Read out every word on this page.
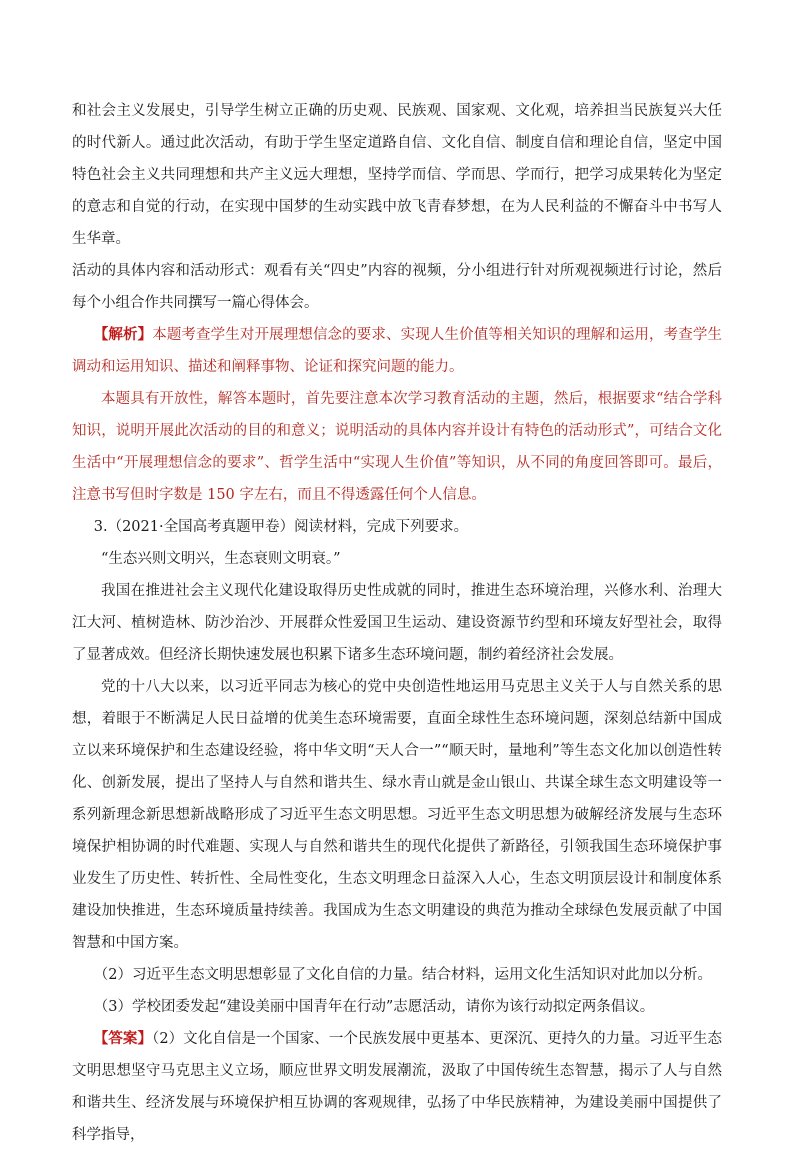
和社会主义发展史，引导学生树立正确的历史观、民族观、国家观、文化观，培养担当民族复兴大任的时代新人。通过此次活动，有助于学生坚定道路自信、文化自信、制度自信和理论自信，坚定中国特色社会主义共同理想和共产主义远大理想，坚持学而信、学而思、学而行，把学习成果转化为坚定的意志和自觉的行动，在实现中国梦的生动实践中放飞青春梦想，在为人民利益的不懈奋斗中书写人生华章。

活动的具体内容和活动形式：观看有关“四史”内容的视频，分小组进行针对所观视频进行讨论，然后每个小组合作共同撰写一篇心得体会。

【解析】本题考查学生对开展理想信念的要求、实现人生价值等相关知识的理解和运用，考查学生调动和运用知识、描述和阐释事物、论证和探究问题的能力。

本题具有开放性，解答本题时，首先要注意本次学习教育活动的主题，然后，根据要求“结合学科知识，说明开展此次活动的目的和意义；说明活动的具体内容并设计有特色的活动形式”，可结合文化生活中“开展理想信念的要求”、哲学生活中“实现人生价值”等知识，从不同的角度回答即可。最后，注意书写但时字数是 150 字左右，而且不得透露任何个人信息。

3.（2021·全国高考真题甲卷）阅读材料，完成下列要求。

“生态兴则文明兴，生态衰则文明衰。”

我国在推进社会主义现代化建设取得历史性成就的同时，推进生态环境治理，兴修水利、治理大江大河、植树造林、防沙治沙、开展群众性爱国卫生运动、建设资源节约型和环境友好型社会，取得了显著成效。但经济长期快速发展也积累下诸多生态环境问题，制约着经济社会发展。

党的十八大以来，以习近平同志为核心的党中央创造性地运用马克思主义关于人与自然关系的思想，着眼于不断满足人民日益增的优美生态环境需要，直面全球性生态环境问题，深刻总结新中国成立以来环境保护和生态建设经验，将中华文明“天人合一”“顺天时，量地利”等生态文化加以创造性转化、创新发展，提出了坚持人与自然和谐共生、绿水青山就是金山银山、共谋全球生态文明建设等一系列新理念新思想新战略形成了习近平生态文明思想。习近平生态文明思想为破解经济发展与生态环境保护相协调的时代难题、实现人与自然和谐共生的现代化提供了新路径，引领我国生态环境保护事业发生了历史性、转折性、全局性变化，生态文明理念日益深入人心，生态文明顶层设计和制度体系建设加快推进，生态环境质量持续善。我国成为生态文明建设的典范为推动全球绿色发展贡献了中国智慧和中国方案。

（2）习近平生态文明思想彰显了文化自信的力量。结合材料，运用文化生活知识对此加以分析。

（3）学校团委发起“建设美丽中国青年在行动”志愿活动，请你为该行动拟定两条倡议。

【答案】（2）文化自信是一个国家、一个民族发展中更基本、更深沉、更持久的力量。习近平生态文明思想坚守马克思主义立场，顺应世界文明发展潮流，汲取了中国传统生态智慧，揭示了人与自然和谐共生、经济发展与环境保护相互协调的客观规律，弘扬了中华民族精神，为建设美丽中国提供了科学指导，
